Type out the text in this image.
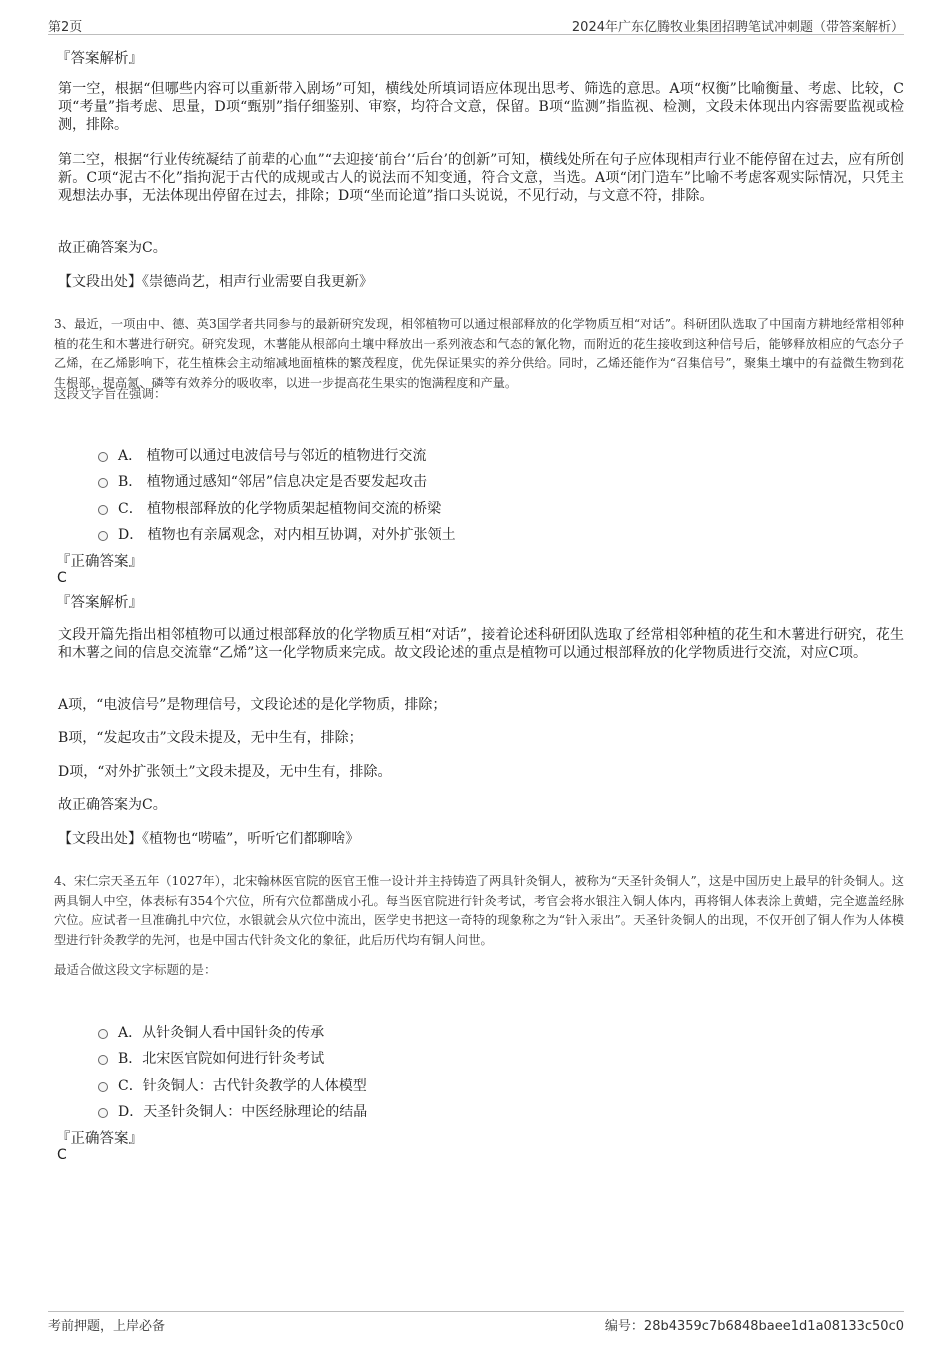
第2页	2024年广东亿腾牧业集团招聘笔试冲刺题（带答案解析）
『答案解析』
第一空，根据“但哪些内容可以重新带入剧场”可知，横线处所填词语应体现出思考、筛选的意思。A项“权衡”比喻衡量、考虑、比较，C项“考量”指考虑、思量，D项“甄别”指仔细鉴别、审察，均符合文意，保留。B项“监测”指监视、检测，文段未体现出内容需要监视或检测，排除。
第二空，根据“行业传统凝结了前辈的心血”“去迎接‘前台’‘后台’的创新”可知，横线处所在句子应体现相声行业不能停留在过去，应有所创新。C项“泥古不化”指拘泥于古代的成规或古人的说法而不知变通，符合文意，当选。A项“闭门造车”比喻不考虑客观实际情况，只凭主观想法办事，无法体现出停留在过去，排除；D项“坐而论道”指口头说说，不见行动，与文意不符，排除。
故正确答案为C。
【文段出处】《崇德尚艺，相声行业需要自我更新》
3、最近，一项由中、德、英3国学者共同参与的最新研究发现，相邻植物可以通过根部释放的化学物质互相“对话”。科研团队选取了中国南方耕地经常相邻种植的花生和木薯进行研究。研究发现，木薯能从根部向土壤中释放出一系列液态和气态的氰化物，而附近的花生接收到这种信号后，能够释放相应的气态分子乙烯，在乙烯影响下，花生植株会主动缩减地面植株的繁茂程度，优先保证果实的养分供给。同时，乙烯还能作为“召集信号”，聚集土壤中的有益微生物到花生根部，提高氮、磷等有效养分的吸收率，以进一步提高花生果实的饱满程度和产量。
这段文字旨在强调：
A． 植物可以通过电波信号与邻近的植物进行交流
B． 植物通过感知“邻居”信息决定是否要发起攻击
C． 植物根部释放的化学物质架起植物间交流的桥梁
D． 植物也有亲属观念，对内相互协调，对外扩张领土
『正确答案』
C
『答案解析』
文段开篇先指出相邻植物可以通过根部释放的化学物质互相“对话”，接着论述科研团队选取了经常相邻种植的花生和木薯进行研究，花生和木薯之间的信息交流靠“乙烯”这一化学物质来完成。故文段论述的重点是植物可以通过根部释放的化学物质进行交流，对应C项。
A项，“电波信号”是物理信号，文段论述的是化学物质，排除；
B项，“发起攻击”文段未提及，无中生有，排除；
D项，“对外扩张领土”文段未提及，无中生有，排除。
故正确答案为C。
【文段出处】《植物也“唠嗑”，听听它们都聊啥》
4、宋仁宗天圣五年（1027年），北宋翰林医官院的医官王惟一设计并主持铸造了两具针灸铜人，被称为“天圣针灸铜人”，这是中国历史上最早的针灸铜人。这两具铜人中空，体表标有354个穴位，所有穴位都凿成小孔。每当医官院进行针灸考试，考官会将水银注入铜人体内，再将铜人体表涂上黄蜡，完全遮盖经脉穴位。应试者一旦准确扎中穴位，水银就会从穴位中流出，医学史书把这一奇特的现象称之为“针入汞出”。天圣针灸铜人的出现，不仅开创了铜人作为人体模型进行针灸教学的先河，也是中国古代针灸文化的象征，此后历代均有铜人问世。
最适合做这段文字标题的是：
A．从针灸铜人看中国针灸的传承
B．北宋医官院如何进行针灸考试
C．针灸铜人：古代针灸教学的人体模型
D．天圣针灸铜人：中医经脉理论的结晶
『正确答案』
C
考前押题，上岸必备	编号：28b4359c7b6848baee1d1a08133c50c0
